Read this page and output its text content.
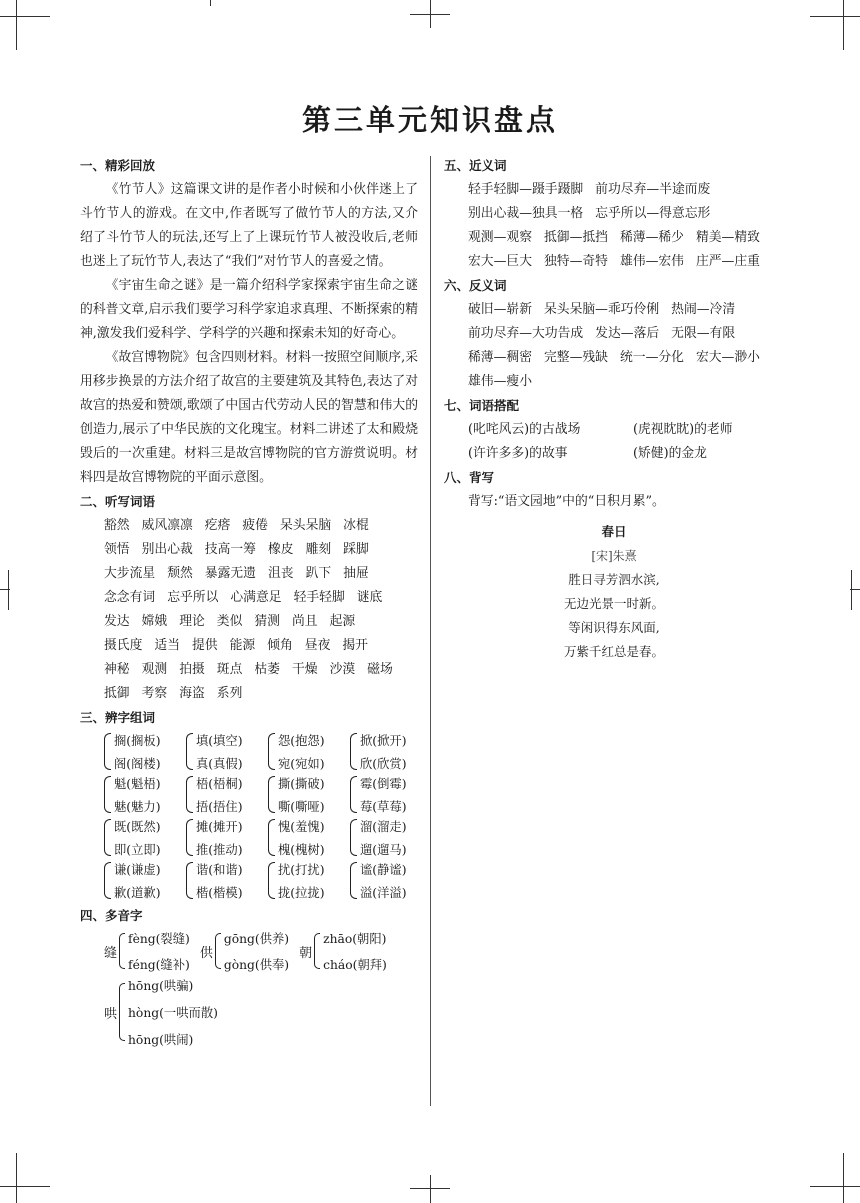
第三单元知识盘点
一、精彩回放

《竹节人》这篇课文讲的是作者小时候和小伙伴迷上了斗竹节人的游戏。在文中,作者既写了做竹节人的方法,又介绍了斗竹节人的玩法,还写上了上课玩竹节人被没收后,老师也迷上了玩竹节人,表达了“我们”对竹节人的喜爱之情。

《宇宙生命之谜》是一篇介绍科学家探索宇宙生命之谜的科普文章,启示我们要学习科学家追求真理、不断探索的精神,激发我们爱科学、学科学的兴趣和探索未知的好奇心。

《故宫博物院》包含四则材料。材料一按照空间顺序,采用移步换景的方法介绍了故宫的主要建筑及其特色,表达了对故宫的热爱和赞颂,歌颂了中国古代劳动人民的智慧和伟大的创造力,展示了中华民族的文化瑰宝。材料二讲述了太和殿烧毁后的一次重建。材料三是故宫博物院的官方游赏说明。材料四是故宫博物院的平面示意图。

二、听写词语
豁然 威风凛凛 疙瘩 疲倦 呆头呆脑 冰棍
领悟 别出心裁 技高一筹 橡皮 雕刻 踩脚
大步流星 颓然 暴露无遗 沮丧 趴下 抽屉
念念有词 忘乎所以 心满意足 轻手轻脚 谜底
发达 嫦娥 理论 类似 猜测 尚且 起源
摄氏度 适当 提供 能源 倾角 昼夜 揭开
神秘 观测 拍摄 斑点 枯萎 干燥 沙漠 磁场
抵御 考察 海盗 系列
三、辨字组词
搁(搁板)
阁(阁楼)
填(填空)
真(真假)
怨(抱怨)
宛(宛如)
掀(掀开)
欣(欣赏)
魁(魁梧)
魅(魅力)
梧(梧桐)
捂(捂住)
撕(撕破)
嘶(嘶哑)
霉(倒霉)
莓(草莓)
既(既然)
即(立即)
摊(摊开)
推(推动)
愧(羞愧)
槐(槐树)
溜(溜走)
遛(遛马)
谦(谦虚)
歉(道歉)
谐(和谐)
楷(楷模)
扰(打扰)
拢(拉拢)
谧(静谧)
溢(洋溢)
四、多音字
缝
fèng(裂缝)
féng(缝补)
供
gōng(供养)
gòng(供奉)
朝
zhāo(朝阳)
cháo(朝拜)
哄
hōng(哄骗)
hòng(一哄而散)
hōng(哄闹)
五、近义词
轻手轻脚—蹑手蹑脚 前功尽弃—半途而废
别出心裁—独具一格 忘乎所以—得意忘形
观测—观察 抵御—抵挡 稀薄—稀少 精美—精致
宏大—巨大 独特—奇特 雄伟—宏伟 庄严—庄重
六、反义词
破旧—崭新 呆头呆脑—乖巧伶俐 热闹—冷清
前功尽弃—大功告成 发达—落后 无限—有限
稀薄—稠密 完整—残缺 统一—分化 宏大—渺小
雄伟—瘦小
七、词语搭配
(叱咤风云)的古战场	(虎视眈眈)的老师
(许许多多)的故事	(矫健)的金龙
八、背写
背写:“语文园地”中的“日积月累”。
春日
[宋]朱熹
胜日寻芳泗水滨,
无边光景一时新。
等闲识得东风面,
万紫千红总是春。
